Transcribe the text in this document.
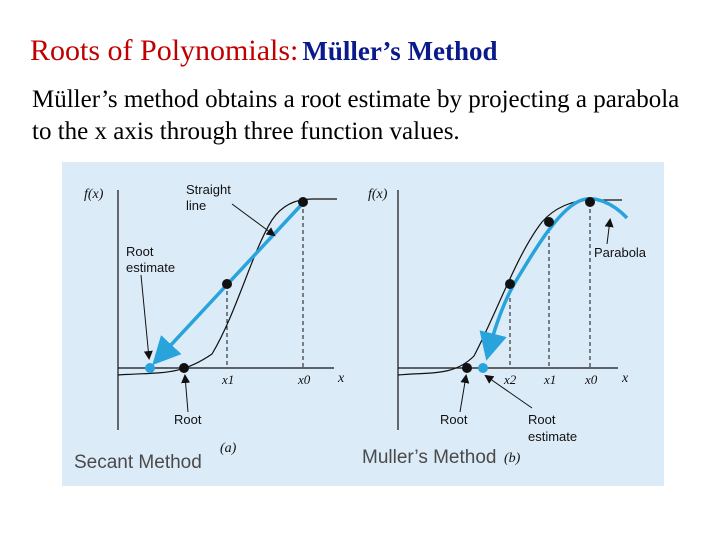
Roots of Polynomials: Müller’s Method
Müller’s method obtains a root estimate by projecting a parabola to the x axis through three function values.
f(x)
x
Straight
line
Root
estimate
Root
x1	x0
(a)
f(x)
x
Parabola
Root	Root
estimate
x2 x1 x0
(b)
Secant Method	Muller’s Method
